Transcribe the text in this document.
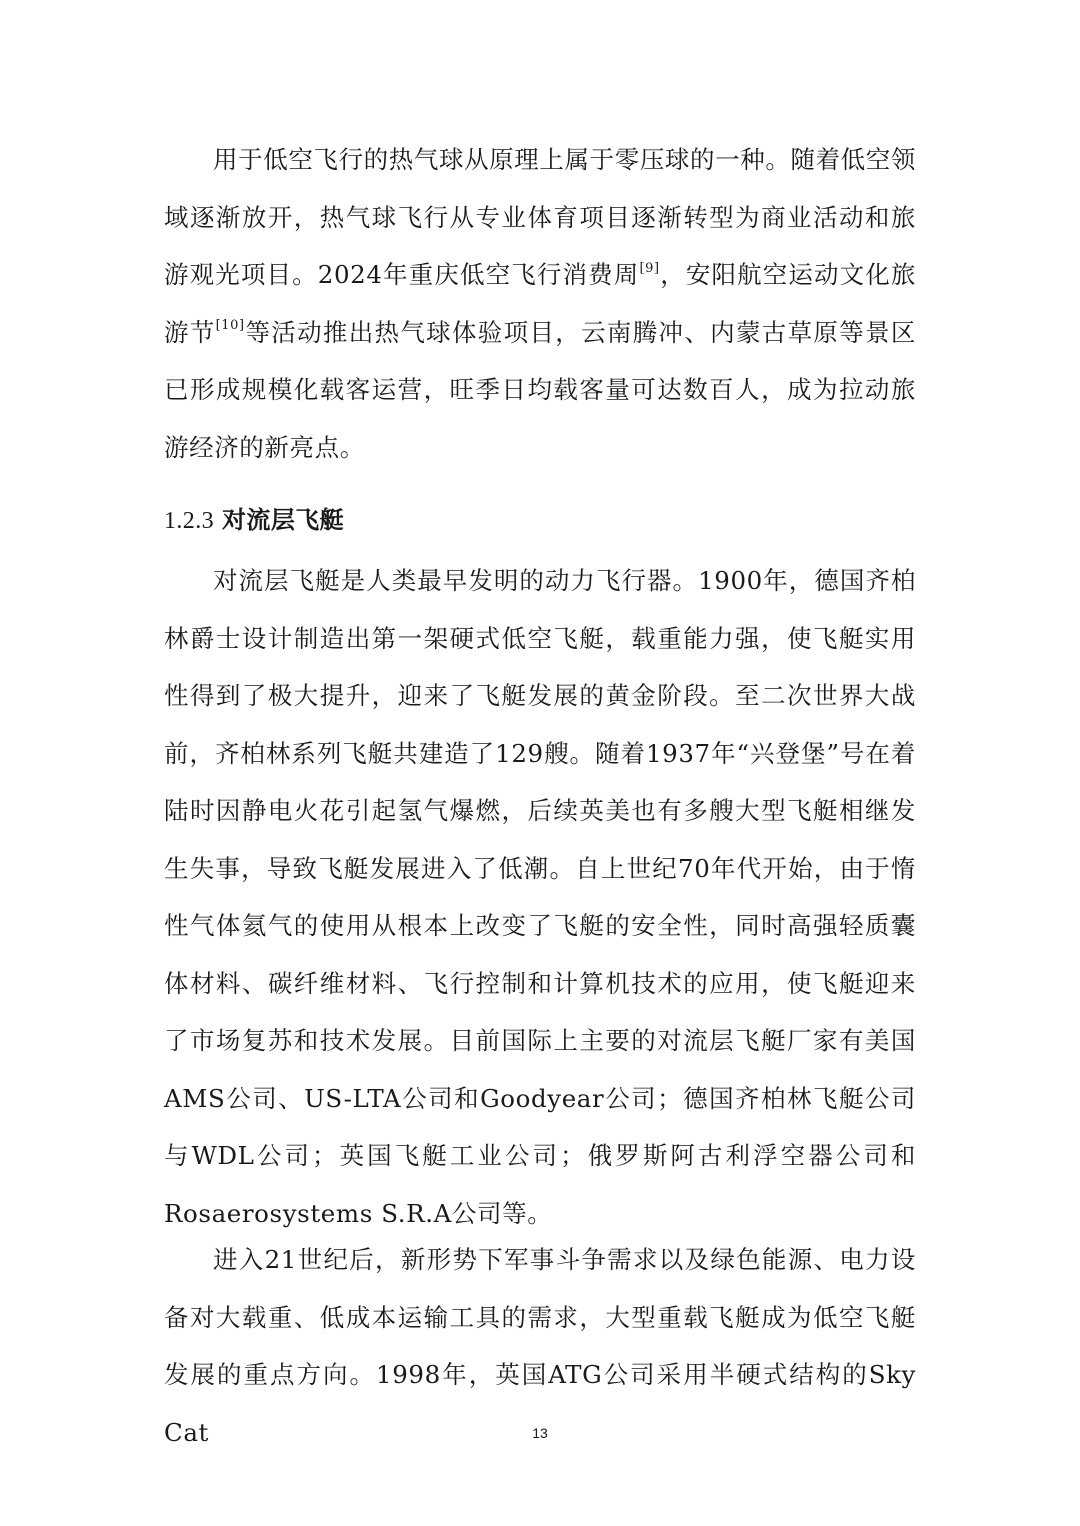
用于低空飞行的热气球从原理上属于零压球的一种。随着低空领域逐渐放开，热气球飞行从专业体育项目逐渐转型为商业活动和旅游观光项目。2024年重庆低空飞行消费周[9]，安阳航空运动文化旅游节[10]等活动推出热气球体验项目，云南腾冲、内蒙古草原等景区已形成规模化载客运营，旺季日均载客量可达数百人，成为拉动旅游经济的新亮点。

1.2.3 对流层飞艇

对流层飞艇是人类最早发明的动力飞行器。1900年，德国齐柏林爵士设计制造出第一架硬式低空飞艇，载重能力强，使飞艇实用性得到了极大提升，迎来了飞艇发展的黄金阶段。至二次世界大战前，齐柏林系列飞艇共建造了129艘。随着1937年“兴登堡”号在着陆时因静电火花引起氢气爆燃，后续英美也有多艘大型飞艇相继发生失事，导致飞艇发展进入了低潮。自上世纪70年代开始，由于惰性气体氦气的使用从根本上改变了飞艇的安全性，同时高强轻质囊体材料、碳纤维材料、飞行控制和计算机技术的应用，使飞艇迎来了市场复苏和技术发展。目前国际上主要的对流层飞艇厂家有美国AMS公司、US-LTA公司和Goodyear公司；德国齐柏林飞艇公司与WDL公司；英国飞艇工业公司；俄罗斯阿古利浮空器公司和Rosaerosystems S.R.A公司等。

进入21世纪后，新形势下军事斗争需求以及绿色能源、电力设备对大载重、低成本运输工具的需求，大型重载飞艇成为低空飞艇发展的重点方向。1998年，英国ATG公司采用半硬式结构的Sky Cat	13
